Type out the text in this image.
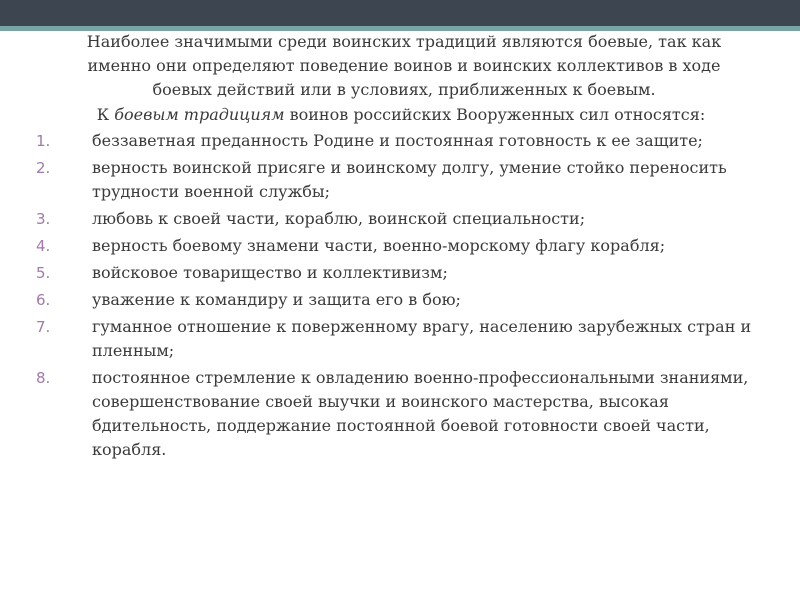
Наиболее значимыми среди воинских традиций являются боевые, так как именно они определяют поведение воинов и воинских коллективов в ходе боевых действий или в условиях, приближенных к боевым.

К боевым традициям воинов российских Вооруженных сил относятся:

1.	беззаветная преданность Родине и постоянная готовность к ее защите;
2.	верность воинской присяге и воинскому долгу, умение стойко переносить трудности военной службы;
3.	любовь к своей части, кораблю, воинской специальности;
4.	верность боевому знамени части, военно-морскому флагу корабля;
5.	войсковое товарищество и коллективизм;
6.	уважение к командиру и защита его в бою;
7.	гуманное отношение к поверженному врагу, населению зарубежных стран и пленным;
8.	постоянное стремление к овладению военно-профессиональными знаниями, совершенствование своей выучки и воинского мастерства, высокая бдительность, поддержание постоянной боевой готовности своей части, корабля.
